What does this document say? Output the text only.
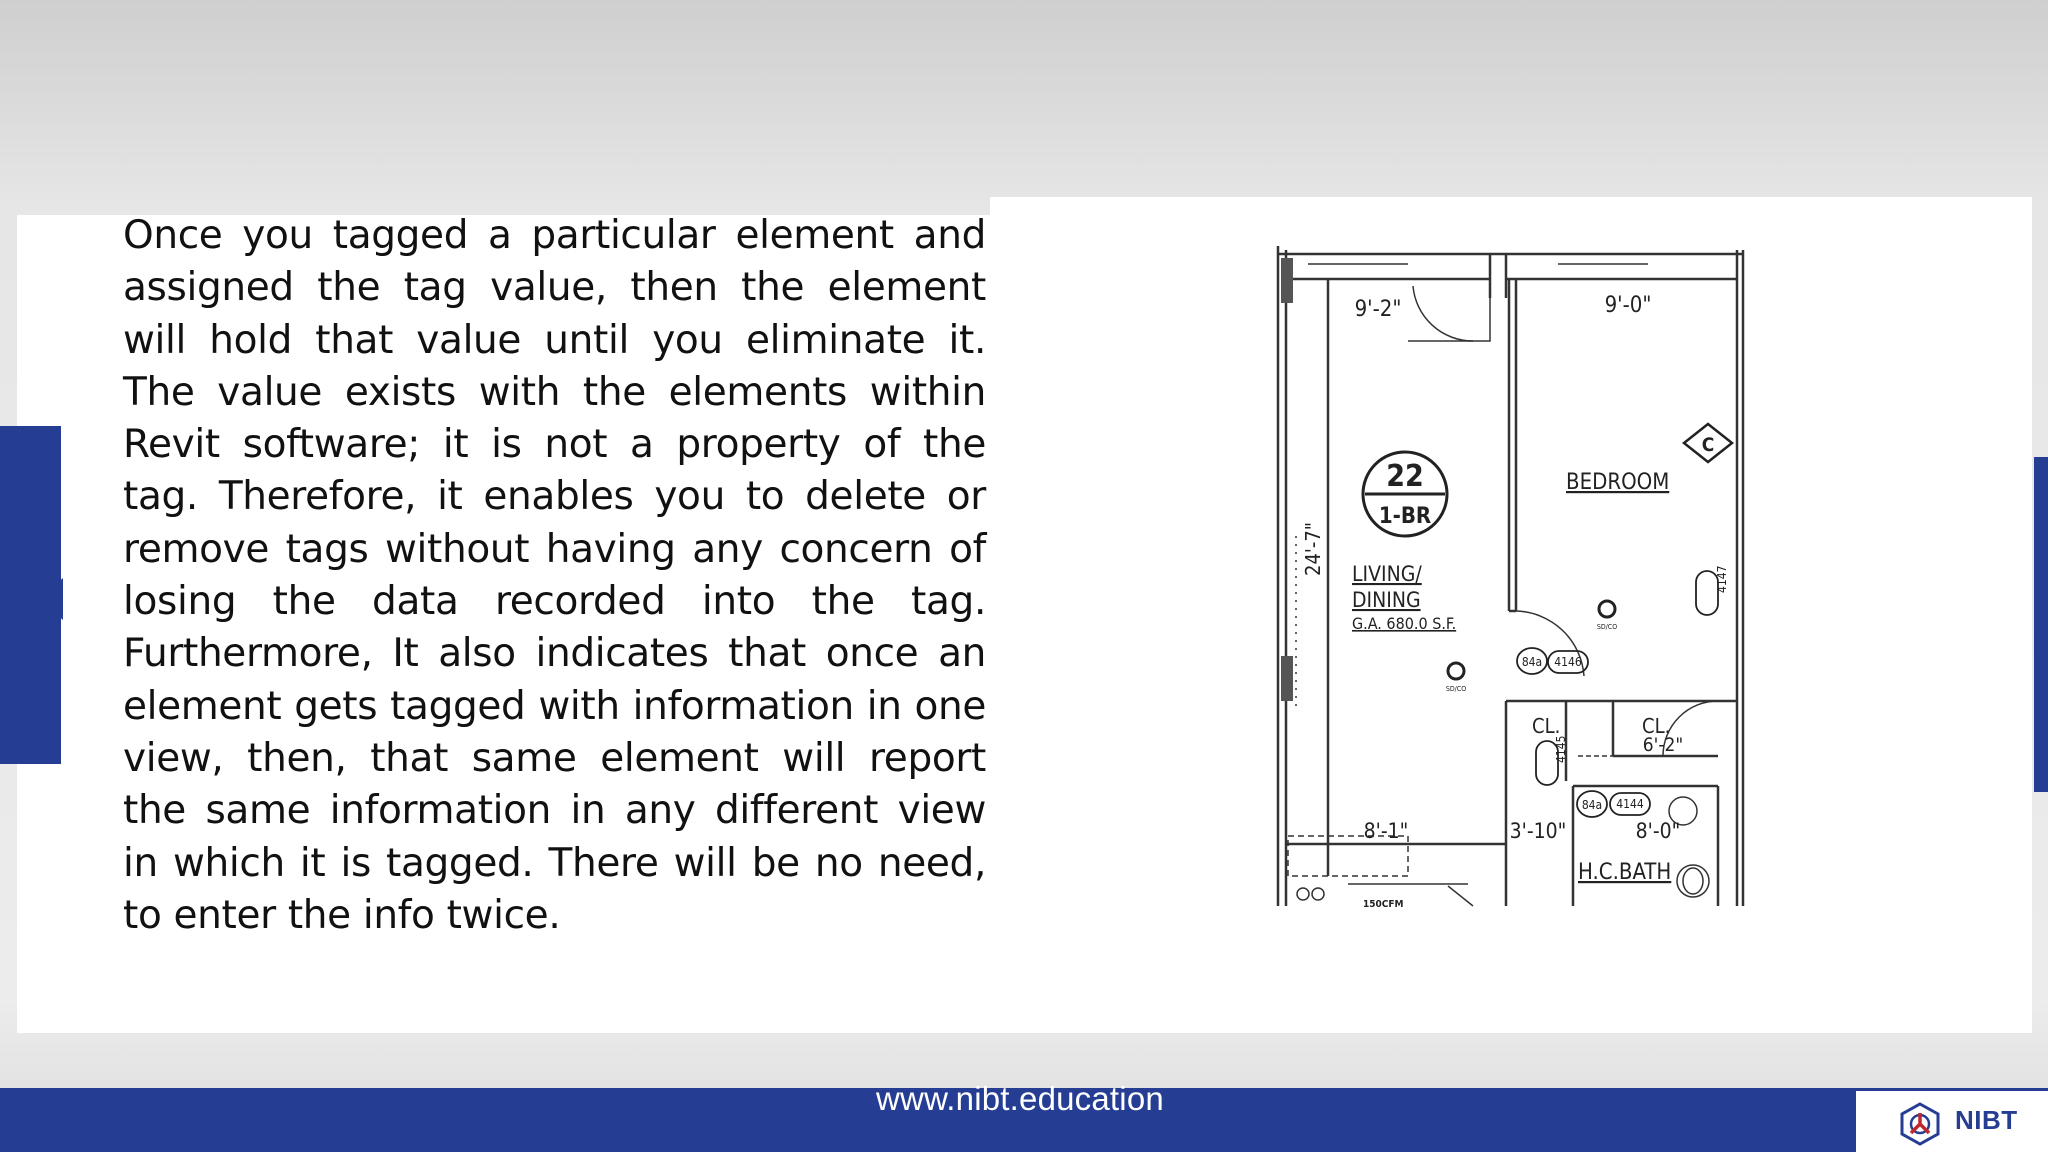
Once you tagged a particular element and assigned the tag value, then the element will hold that value until you eliminate it. The value exists with the elements within Revit software; it is not a property of the tag. Therefore, it enables you to delete or remove tags without having any concern of losing the data recorded into the tag. Furthermore, It also indicates that once an element gets tagged with information in one view, then, that same element will report the same information in any different view in which it is tagged. There will be no need, to enter the info twice.

22
1-BR
C
LIVING/
DINING
G.A. 680.0 S.F.
BEDROOM
H.C.BATH
CL.	CL.
9'-2"	9'-0"
24'-7"
8'-1"	3'-10"	8'-0"
6'-2"
84a 4146
84a 4144
4147
4145
SD/CO
SD/CO
150CFM
www.nibt.education
NIBT
